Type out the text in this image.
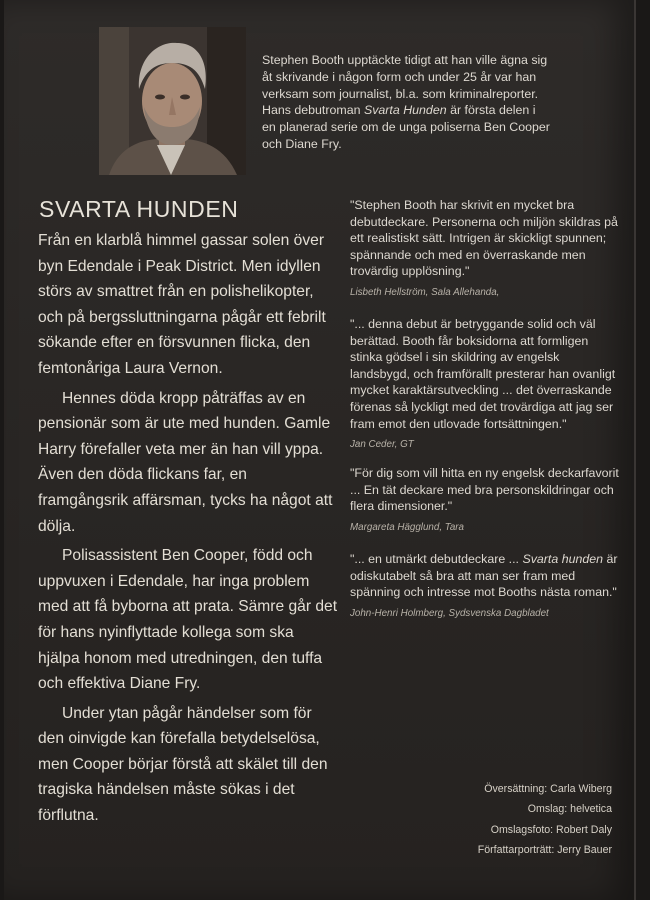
Stephen Booth upptäckte tidigt att han ville ägna sig
åt skrivande i någon form och under 25 år var han
verksam som journalist, bl.a. som kriminalreporter.
Hans debutroman Svarta Hunden är första delen i
en planerad serie om de unga poliserna Ben Cooper
och Diane Fry.
SVARTA HUNDEN

Från en klarblå himmel gassar solen över byn Edendale i Peak District. Men idyllen störs av smattret från en polishelikopter, och på bergssluttningarna pågår ett febrilt sökande efter en försvunnen flicka, den femtonåriga Laura Vernon.

Hennes döda kropp påträffas av en pensionär som är ute med hunden. Gamle Harry förefaller veta mer än han vill yppa. Även den döda flickans far, en framgångsrik affärsman, tycks ha något att dölja.

Polisassistent Ben Cooper, född och uppvuxen i Edendale, har inga problem med att få byborna att prata. Sämre går det för hans nyinflyttade kollega som ska hjälpa honom med utredningen, den tuffa och effektiva Diane Fry.

Under ytan pågår händelser som för den oinvigde kan förefalla betydelselösa, men Cooper börjar förstå att skälet till den tragiska händelsen måste sökas i det förflutna.

"Stephen Booth har skrivit en mycket bra debutdeckare. Personerna och miljön skildras på ett realistiskt sätt. Intrigen är skickligt spunnen; spännande och med en överraskande men trovärdig upplösning."

Lisbeth Hellström, Sala Allehanda,

"... denna debut är betryggande solid och väl berättad. Booth får boksidorna att formligen stinka gödsel i sin skildring av engelsk landsbygd, och framförallt presterar han ovanligt mycket karaktärsutveckling ... det överraskande förenas så lyckligt med det trovärdiga att jag ser fram emot den utlovade fortsättningen."

Jan Ceder, GT

"För dig som vill hitta en ny engelsk deckarfavorit ... En tät deckare med bra personskildringar och flera dimensioner."

Margareta Hägglund, Tara

"... en utmärkt debutdeckare ... Svarta hunden är odiskutabelt så bra att man ser fram med spänning och intresse mot Booths nästa roman."

John-Henri Holmberg, Sydsvenska Dagbladet
Översättning: Carla Wiberg
Omslag: helvetica
Omslagsfoto: Robert Daly
Författarporträtt: Jerry Bauer
